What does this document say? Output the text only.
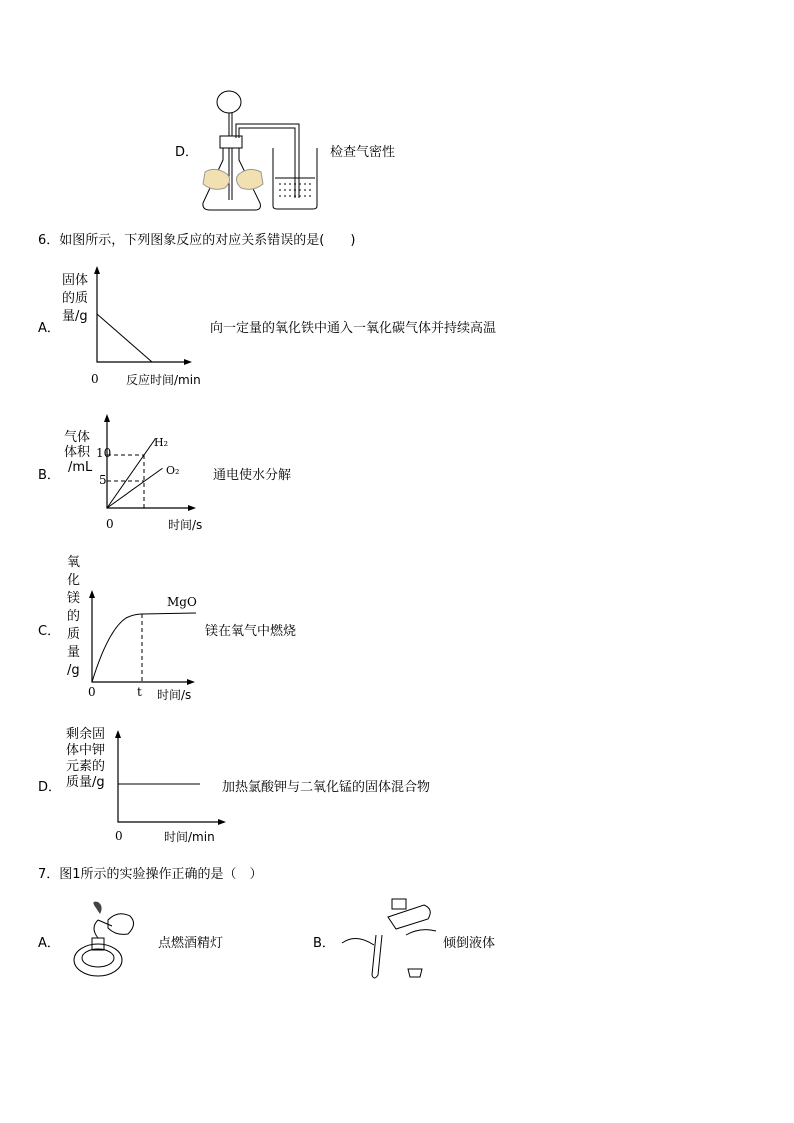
D．	检查气密性
6．如图所示，下列图象反应的对应关系错误的是(　　)
A．
固体
的质
量/g
0 反应时间/min
向一定量的氧化铁中通入一氧化碳气体并持续高温
B．
气体
体积
/mL
10
5
0	时间/s
H₂
O₂	通电使水分解
C．
氧
化
镁
的
质
量
/g
0	t 时间/s
MgO
镁在氧气中燃烧
D．
剩余固
体中钾
元素的
质量/g
0	时间/min
加热氯酸钾与二氧化锰的固体混合物
7．图1所示的实验操作正确的是（　）
A．	点燃酒精灯	B．	倾倒液体
